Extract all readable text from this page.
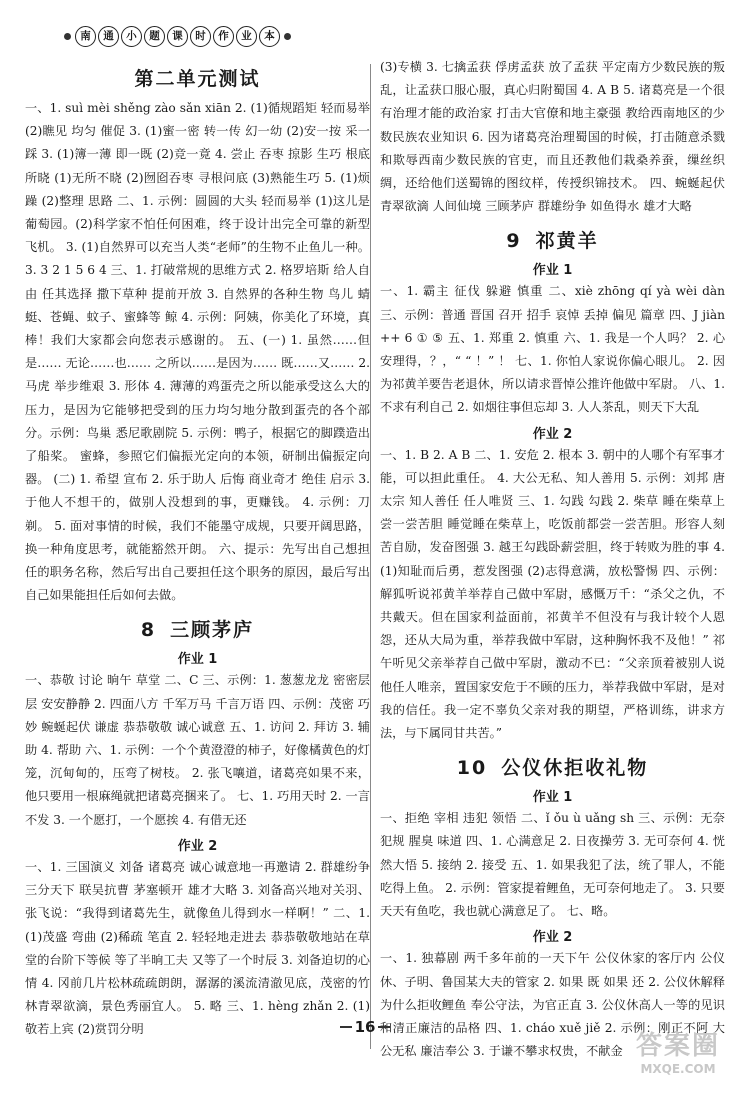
南	通	小	题	课	时	作	业	本
第二单元测试

一、1. suì mèi shěng zào sǎn xiān 2. (1)循规蹈矩 轻而易举 (2)瞧见 均匀 催促 3. (1)蜜一密 转一传 幻一幼 (2)安一按 采一踩 3. (1)簿一薄 即一既 (2)竞一竟 4. 尝止 吞枣 掠影 生巧 根底 所晓 (1)无所不晓 (2)囫囵吞枣 寻根问底 (3)熟能生巧 5. (1)烦躁 (2)整理 思路 二、1. 示例：圆圆的大头 轻而易举 (1)这儿是葡萄园。(2)科学家不怕任何困难，终于设计出完全可靠的新型飞机。 3. (1)自然界可以充当人类“老师”的生物不止鱼儿一种。 3. 3 2 1 5 6 4 三、1. 打破常规的思维方式 2. 格罗培斯 给人自由 任其选择 撒下草种 提前开放 3. 自然界的各种生物 鸟儿 蜻蜓、苍蝇、蚊子、蜜蜂等 鲸 4. 示例：阿姨，你美化了环境，真棒！我们大家都会向您表示感谢的。 五、(一) 1. 虽然……但是…… 无论……也…… 之所以……是因为…… 既……又…… 2. 马虎 举步维艰 3. 形体 4. 薄薄的鸡蛋壳之所以能承受这么大的压力，是因为它能够把受到的压力均匀地分散到蛋壳的各个部分。示例：鸟巢 悉尼歌剧院 5. 示例：鸭子，根据它的脚蹼造出了船桨。 蜜蜂，参照它们偏振光定向的本领，研制出偏振定向器。 (二) 1. 希望 宣布 2. 乐于助人 后悔 商业奇才 绝佳 启示 3. 于他人不想干的，做别人没想到的事，更赚钱。 4. 示例：刀剃。 5. 面对事情的时候，我们不能墨守成规，只要开阔思路，换一种角度思考，就能豁然开朗。 六、提示：先写出自己想担任的职务名称，然后写出自己要担任这个职务的原因，最后写出自己如果能担任后如何去做。

8 三顾茅庐
作业 1

一、恭敬 讨论 晌午 草堂 二、C 三、示例：1. 葱葱龙龙 密密层层 安安静静 2. 四面八方 千军万马 千言万语 四、示例：茂密 巧妙 蜿蜒起伏 谦虚 恭恭敬敬 诚心诚意 五、1. 访问 2. 拜访 3. 辅助 4. 帮助 六、1. 示例：一个个黄澄澄的柿子，好像橘黄色的灯笼，沉甸甸的，压弯了树枝。 2. 张飞嚷道，诸葛亮如果不来，他只要用一根麻绳就把诸葛亮捆来了。 七、1. 巧用天时 2. 一言不发 3. 一个愿打，一个愿挨 4. 有借无还

作业 2

一、1. 三国演义 刘备 诸葛亮 诚心诚意地一再邀请 2. 群雄纷争 三分天下 联吴抗曹 茅塞顿开 雄才大略 3. 刘备高兴地对关羽、张飞说：“我得到诸葛先生，就像鱼儿得到水一样啊！” 二、1. (1)茂盛 弯曲 (2)稀疏 笔直 2. 轻轻地走进去 恭恭敬敬地站在草堂的台阶下等候 等了半晌工夫 又等了一个时辰 3. 刘备迫切的心情 4. 冈前几片松林疏疏朗朗，潺潺的溪流清澈见底，茂密的竹林青翠欲滴，景色秀丽宜人。 5. 略 三、1. hèng zhǎn 2. (1)敬若上宾 (2)赏罚分明

(3)专横 3. 七擒孟获 俘虏孟获 放了孟获 平定南方少数民族的叛乱，让孟获口服心服，真心归附蜀国 4. A B 5. 诸葛亮是一个很有治理才能的政治家 打击大官僚和地主豪强 教给西南地区的少数民族农业知识 6. 因为诸葛亮治理蜀国的时候，打击随意杀戮和欺辱西南少数民族的官吏，而且还教他们栽桑养蚕，缫丝织绸，还给他们送蜀锦的图纹样，传授织锦技术。 四、蜿蜒起伏 青翠欲滴 人间仙境 三顾茅庐 群雄纷争 如鱼得水 雄才大略

9 祁黄羊
作业 1

一、1. 霸主 征伐 躲避 慎重 二、xiè zhōng qí yà wèi dàn 三、示例：普通 晋国 召开 招手 哀悼 丢掉 偏见 篇章 四、J jiàn ++ 6 ① ⑤ 五、1. 郑重 2. 慎重 六、1. 我是一个人吗？ 2. 心安理得，？，“ “ ！” ！ 七、1. 你怕人家说你偏心眼儿。 2. 因为祁黄羊要告老退休，所以请求晋悼公推许他做中军尉。 八、1. 不求有利自己 2. 如烟往事但忘却 3. 人人茶乱，则天下大乱

作业 2

一、1. B 2. A B 二、1. 安危 2. 根本 3. 朝中的人哪个有军事才能，可以担此重任。 4. 大公无私、知人善用 5. 示例：刘邦 唐太宗 知人善任 任人唯贤 三、1. 勾践 勾践 2. 柴草 睡在柴草上 尝一尝苦胆 睡觉睡在柴草上，吃饭前都尝一尝苦胆。形容人刻苦自励，发奋图强 3. 越王勾践卧薪尝胆，终于转败为胜的事 4. (1)知耻而后勇，惹发图强 (2)志得意满，放松警惕 四、示例：解狐听说祁黄羊举荐自己做中军尉，感慨万千：“杀父之仇，不共戴天。但在国家利益面前，祁黄羊不但没有与我计较个人恩怨，还从大局为重，举荐我做中军尉，这种胸怀我不及他！” 祁午听见父亲举荐自己做中军尉，激动不已：“父亲顶着被别人说他任人唯亲，置国家安危于不顾的压力，举荐我做中军尉，是对我的信任。我一定不辜负父亲对我的期望，严格训练，讲求方法，与下属同甘共苦。”

10 公仪休拒收礼物
作业 1

一、拒绝 宰相 违犯 领悟 二、ǐ ǒu ù uǎng sh 三、示例：无奈 犯规 腥臭 味道 四、1. 心满意足 2. 日夜操劳 3. 无可奈何 4. 恍然大悟 5. 接纳 2. 接受 五、1. 如果我犯了法，统了罪人，不能吃得上鱼。 2. 示例：管家提着鲤鱼，无可奈何地走了。 3. 只要天天有鱼吃，我也就心满意足了。 七、略。

作业 2

一、1. 独幕剧 两千多年前的一天下午 公仪休家的客厅内 公仪休、子明、鲁国某大夫的管家 2. 如果 既 如果 还 2. 公仪休解释为什么拒收鲤鱼 奉公守法，为官正直 3. 公仪休高人一等的见识和清正廉洁的品格 四、1. cháo xuě jiě 2. 示例：刚正不阿 大公无私 廉洁奉公 3. 于谦不攀求权贵，不献金

16
答案圈
MXQE.COM
